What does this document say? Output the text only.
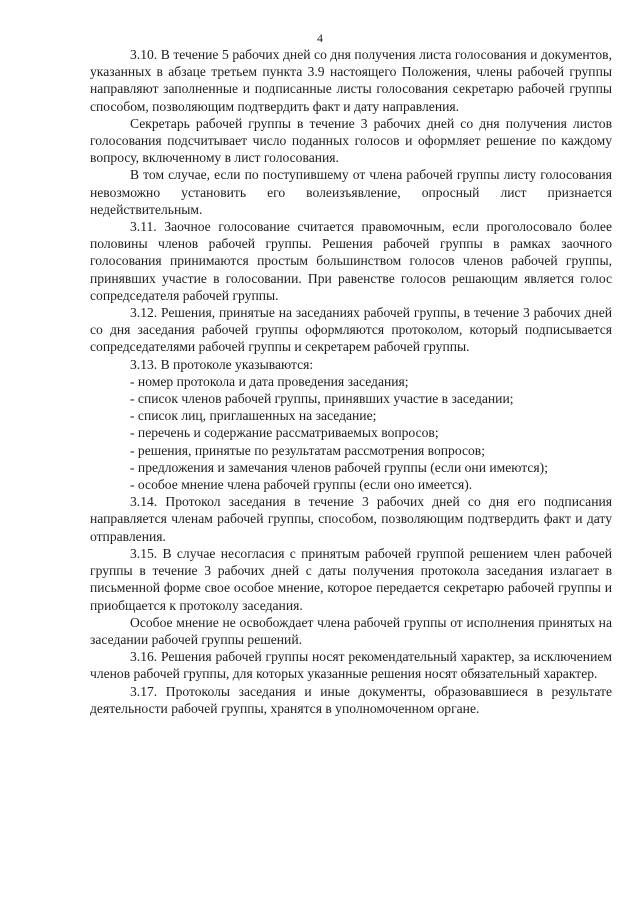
4

3.10. В течение 5 рабочих дней со дня получения листа голосования и документов, указанных в абзаце третьем пункта 3.9 настоящего Положения, члены рабочей группы направляют заполненные и подписанные листы голосования секретарю рабочей группы способом, позволяющим подтвердить факт и дату направления.

Секретарь рабочей группы в течение 3 рабочих дней со дня получения листов голосования подсчитывает число поданных голосов и оформляет решение по каждому вопросу, включенному в лист голосования.

В том случае, если по поступившему от члена рабочей группы листу голосования невозможно установить его волеизъявление, опросный лист признается недействительным.

3.11. Заочное голосование считается правомочным, если проголосовало более половины членов рабочей группы. Решения рабочей группы в рамках заочного голосования принимаются простым большинством голосов членов рабочей группы, принявших участие в голосовании. При равенстве голосов решающим является голос сопредседателя рабочей группы.

3.12. Решения, принятые на заседаниях рабочей группы, в течение 3 рабочих дней со дня заседания рабочей группы оформляются протоколом, который подписывается сопредседателями рабочей группы и секретарем рабочей группы.

3.13. В протоколе указываются:

- номер протокола и дата проведения заседания;

- список членов рабочей группы, принявших участие в заседании;

- список лиц, приглашенных на заседание;

- перечень и содержание рассматриваемых вопросов;

- решения, принятые по результатам рассмотрения вопросов;

- предложения и замечания членов рабочей группы (если они имеются);

- особое мнение члена рабочей группы (если оно имеется).

3.14. Протокол заседания в течение 3 рабочих дней со дня его подписания направляется членам рабочей группы, способом, позволяющим подтвердить факт и дату отправления.

3.15. В случае несогласия с принятым рабочей группой решением член рабочей группы в течение 3 рабочих дней с даты получения протокола заседания излагает в письменной форме свое особое мнение, которое передается секретарю рабочей группы и приобщается к протоколу заседания.

Особое мнение не освобождает члена рабочей группы от исполнения принятых на заседании рабочей группы решений.

3.16. Решения рабочей группы носят рекомендательный характер, за исключением членов рабочей группы, для которых указанные решения носят обязательный характер.

3.17. Протоколы заседания и иные документы, образовавшиеся в результате деятельности рабочей группы, хранятся в уполномоченном органе.
